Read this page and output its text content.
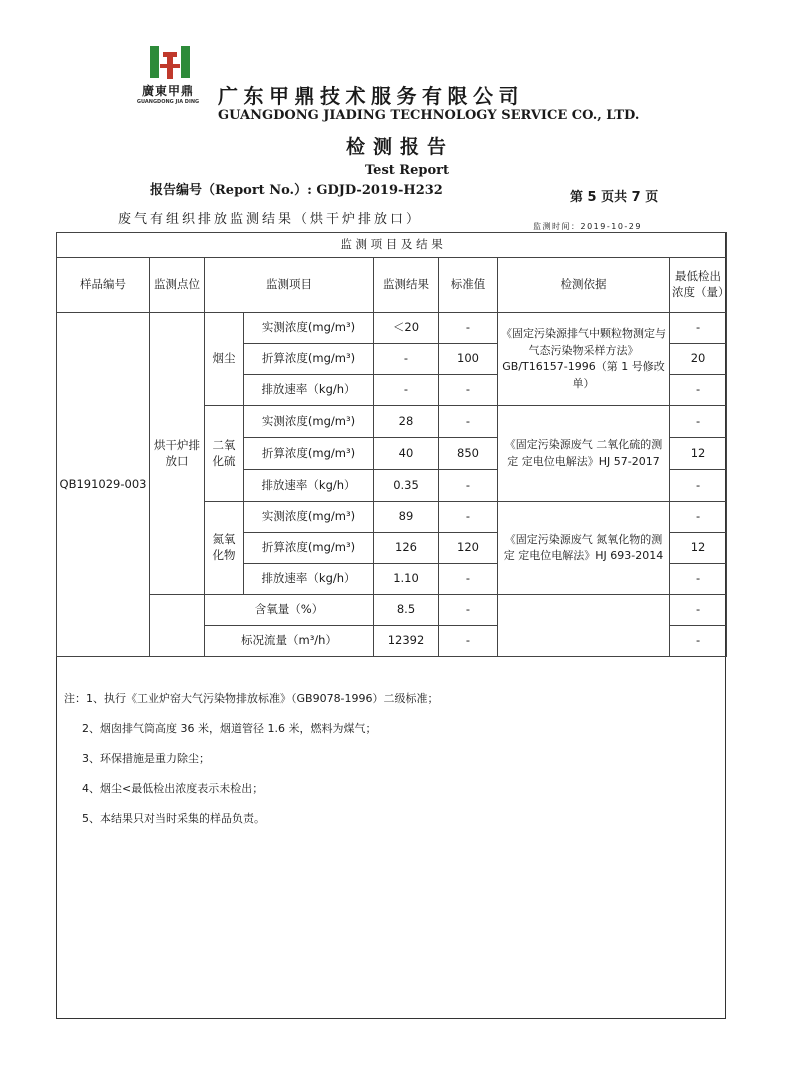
廣東甲鼎
GUANGDONG JIA DING 广东甲鼎技术服务有限公司
GUANGDONG JIADING TECHNOLOGY SERVICE CO., LTD.
检测报告
Test Report
报告编号（Report No.）: GDJD-2019-H232	第 5 页共 7 页
废气有组织排放监测结果（烘干炉排放口）	监测时间：2019-10-29
监 测 项 目 及 结 果							
样品编号	监测点位	监测项目		监测结果	标准值	检测依据	最低检出浓度（量）
QB191029-003	烘干炉排放口	烟尘	实测浓度(mg/m³)	＜20	-	《固定污染源排气中颗粒物测定与气态污染物采样方法》GB/T16157-1996（第 1 号修改单）	-
			折算浓度(mg/m³)	-	100		20
			排放速率（kg/h）	-	-		-
		二氧化硫	实测浓度(mg/m³)	28	-	《固定污染源废气 二氧化硫的测定 定电位电解法》HJ 57-2017	-
			折算浓度(mg/m³)	40	850		12
			排放速率（kg/h）	0.35	-		-
		氮氧化物	实测浓度(mg/m³)	89	-	《固定污染源废气 氮氧化物的测定 定电位电解法》HJ 693-2014	-
			折算浓度(mg/m³)	126	120		12
			排放速率（kg/h）	1.10	-		-
		含氧量（%）		8.5	-		-
		标况流量（m³/h）		12392	-		-
注：1、执行《工业炉窑大气污染物排放标准》（GB9078-1996）二级标准；
2、烟囱排气筒高度 36 米，烟道管径 1.6 米，燃料为煤气；
3、环保措施是重力除尘；
4、烟尘<最低检出浓度表示未检出；
5、本结果只对当时采集的样品负责。
